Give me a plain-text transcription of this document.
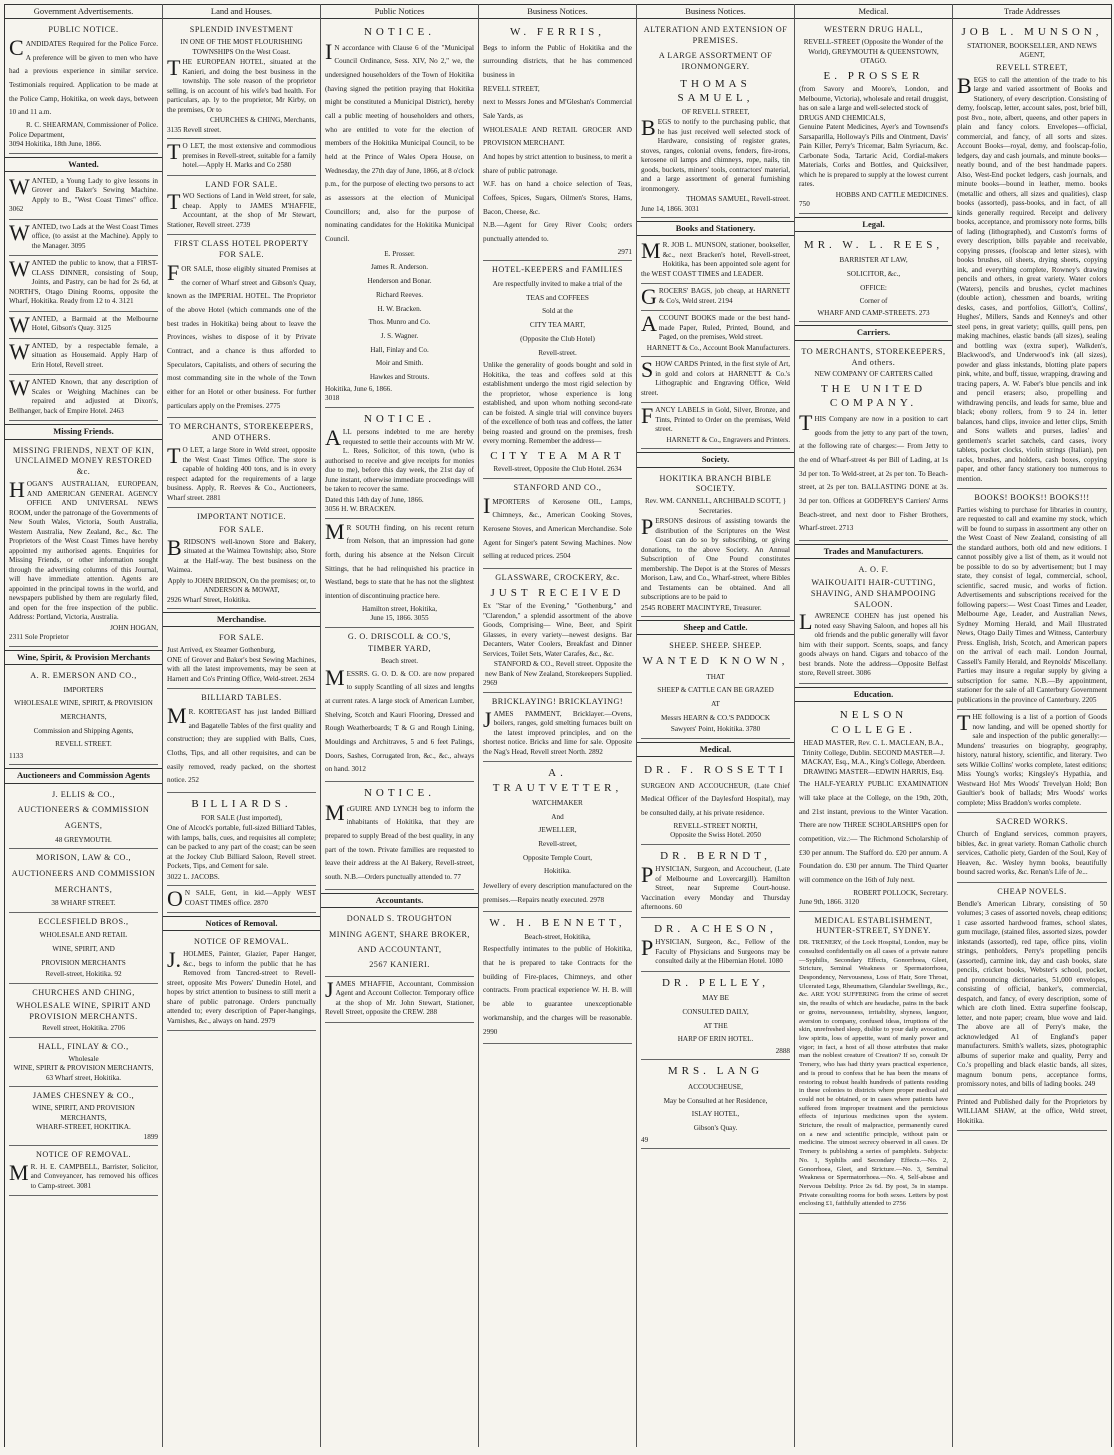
Government Advertisements.
PUBLIC NOTICE.

CANDIDATES Required for the Police Force. A preference will be given to men who have had a previous experience in similar service. Testimonials required. Application to be made at the Police Camp, Hokitika, on week days, between 10 and 11 a.m.

R. C. SHEARMAN, Commissioner of Police.
Police Department,
3094 Hokitika, 18th June, 1866.
Wanted.

WANTED, a Young Lady to give lessons in Grover and Baker's Sewing Machine. Apply to B., "West Coast Times" office. 3062

WANTED, two Lads at the West Coast Times office, (to assist at the Machine). Apply to the Manager. 3095

WANTED the public to know, that a FIRST-CLASS DINNER, consisting of Soup, Joints, and Pastry, can be had for 2s 6d, at NORTH'S, Otago Dining Rooms, opposite the Wharf, Hokitika. Ready from 12 to 4. 3121

WANTED, a Barmaid at the Melbourne Hotel, Gibson's Quay. 3125

WANTED, by a respectable female, a situation as Housemaid. Apply Harp of Erin Hotel, Revell street.

WANTED Known, that any description of Scales or Weighing Machines can be repaired and adjusted at Dixon's, Bellhanger, back of Empire Hotel. 2463

Missing Friends.
MISSING FRIENDS, NEXT OF KIN, UNCLAIMED MONEY RESTORED &c.

HOGAN'S AUSTRALIAN, EUROPEAN, AND AMERICAN GENERAL AGENCY OFFICE AND UNIVERSAL NEWS ROOM, under the patronage of the Governments of New South Wales, Victoria, South Australia, Western Australia, New Zealand, &c., &c. The Proprietors of the West Coast Times have hereby appointed my authorised agents. Enquiries for Missing Friends, or other information sought through the advertising columns of this Journal, will have immediate attention. Agents are appointed in the principal towns in the world, and newspapers published by them are regularly filed, and open for the free inspection of the public. Address: Portland, Victoria, Australia.

JOHN HOGAN,
2311 Sole Proprietor
Wine, Spirit, & Provision Merchants
A. R. EMERSON AND CO.,
IMPORTERS
WHOLESALE WINE, SPIRIT, & PROVISION MERCHANTS,
Commission and Shipping Agents,
REVELL STREET.
1133
Auctioneers and Commission Agents
J. ELLIS & CO.,
AUCTIONEERS & COMMISSION AGENTS,
48 GREYMOUTH.
MORISON, LAW & CO.,
AUCTIONEERS AND COMMISSION MERCHANTS,
38 WHARF STREET.
ECCLESFIELD BROS.,
WHOLESALE AND RETAIL
WINE, SPIRIT, AND
PROVISION MERCHANTS
Revell-street, Hokitika. 92
CHURCHES AND CHING,
WHOLESALE WINE, SPIRIT AND PROVISION MERCHANTS.
Revell street, Hokitika. 2706
HALL, FINLAY & CO.,
Wholesale
WINE, SPIRIT & PROVISION MERCHANTS,
63 Wharf street, Hokitika.
JAMES CHESNEY & CO.,
WINE, SPIRIT, AND PROVISION MERCHANTS,
WHARF-STREET, HOKITIKA.
1899
NOTICE OF REMOVAL.

MR. H. E. CAMPBELL, Barrister, Solicitor, and Conveyancer, has removed his offices to Camp-street. 3081

Land and Houses.
SPLENDID INVESTMENT
IN ONE OF THE MOST FLOURISHING TOWNSHIPS On the West Coast.

THE EUROPEAN HOTEL, situated at the Kanieri, and doing the best business in the township. The sole reason of the proprietor selling, is on account of his wife's bad health. For particulars, ap. ly to the proprietor, Mr Kirby, on the premises, Or to

CHURCHES & CHING, Merchants,
3135 Revell street.

TO LET, the most extensive and commodious premises in Revell-street, suitable for a family hotel.—Apply H. Marks and Co 2580

LAND FOR SALE.

TWO Sections of Land in Weld street, for sale, cheap. Apply to JAMES M'HAFFIE, Accountant, at the shop of Mr Stewart, Stationer, Revell street. 2739

FIRST CLASS HOTEL PROPERTY FOR SALE.

FOR SALE, those eligibly situated Premises at the corner of Wharf street and Gibson's Quay, known as the IMPERIAL HOTEL. The Proprietor of the above Hotel (which commands one of the best trades in Hokitika) being about to leave the Provinces, wishes to dispose of it by Private Contract, and a chance is thus afforded to Speculators, Capitalists, and others of securing the most commanding site in the whole of the Town either for an Hotel or other business. For further particulars apply on the Premises. 2775

TO MERCHANTS, STOREKEEPERS, AND OTHERS.

TO LET, a large Store in Weld street, opposite the West Coast Times Office. The store is capable of holding 400 tons, and is in every respect adapted for the requirements of a large business. Apply, R. Reeves & Co., Auctioneers, Wharf street. 2881

IMPORTANT NOTICE.
FOR SALE.

BRIDSON'S well-known Store and Bakery, situated at the Waimea Township; also, Store at the Half-way. The best business on the Waimea.

Apply to JOHN BRIDSON, On the premises; or, to
ANDERSON & MOWAT,
2926 Wharf Street, Hokitika.
Merchandise.
FOR SALE.

Just Arrived, ex Steamer Gothenburg,
ONE of Grover and Baker's best Sewing Machines, with all the latest improvements, may be seen at Harnett and Co's Printing Office, Weld-street. 2634

BILLIARD TABLES.

MR. KORTEGAST has just landed Billiard and Bagatelle Tables of the first quality and construction; they are supplied with Balls, Cues, Cloths, Tips, and all other requisites, and can be easily removed, ready packed, on the shortest notice. 252

BILLIARDS.
FOR SALE (Just imported),

One of Alcock's portable, full-sized Billiard Tables, with lamps, balls, cues, and requisites all complete; can be packed to any part of the coast; can be seen at the Jockey Club Billiard Saloon, Revell street. Pockets, Tips, and Cement for sale.

3022 L. JACOBS.

ON SALE, Gent, in kid.—Apply WEST COAST TIMES office. 2870

Notices of Removal.
NOTICE OF REMOVAL.

J.HOLMES, Painter, Glazier, Paper Hanger, &c., begs to inform the public that he has Removed from Tancred-street to Revell-street, opposite Mrs Powers' Dunedin Hotel, and hopes by strict attention to business to still merit a share of public patronage. Orders punctually attended to; every description of Paper-hangings, Varnishes, &c., always on hand. 2979

Public Notices
NOTICE.

IN accordance with Clause 6 of the "Municipal Council Ordinance, Sess. XIV, No 2," we, the undersigned householders of the Town of Hokitika (having signed the petition praying that Hokitika might be constituted a Municipal District), hereby call a public meeting of householders and others, who are entitled to vote for the election of members of the Hokitika Municipal Council, to be held at the Prince of Wales Opera House, on Wednesday, the 27th day of June, 1866, at 8 o'clock p.m., for the purpose of electing two persons to act as assessors at the election of Municipal Councillors; and, also for the purpose of nominating candidates for the Hokitika Municipal Council.

E. Prosser.
James R. Anderson.
Henderson and Bonar.
Richard Reeves.
H. W. Bracken.
Thos. Munro and Co.
J. S. Wagner.
Hall, Finlay and Co.
Moir and Smith.
Hawkes and Strouts.
Hokitika, June 6, 1866.
3018
NOTICE.

ALL persons indebted to me are hereby requested to settle their accounts with Mr W. L. Rees, Solicitor, of this town, (who is authorised to receive and give receipts for monies due to me), before this day week, the 21st day of June instant, otherwise immediate proceedings will be taken to recover the same.

Dated this 14th day of June, 1866.
3056 H. W. BRACKEN.

MR SOUTH finding, on his recent return from Nelson, that an impression had gone forth, during his absence at the Nelson Circuit Sittings, that he had relinquished his practice in Westland, begs to state that he has not the slightest intention of discontinuing practice here.

Hamilton street, Hokitika,
June 15, 1866. 3055
G. O. DRISCOLL & CO.'S,
TIMBER YARD,
Beach street.

MESSRS. G. O. D. & CO. are now prepared to supply Scantling of all sizes and lengths at current rates. A large stock of American Lumber, Shelving, Scotch and Kauri Flooring, Dressed and Rough Weatherboards; T & G and Rough Lining, Mouldings and Architraves, 5 and 6 feet Palings, Doors, Sashes, Corrugated Iron, &c., &c., always on hand. 3012

NOTICE.

McGUIRE AND LYNCH beg to inform the inhabitants of Hokitika, that they are prepared to supply Bread of the best quality, in any part of the town. Private families are requested to leave their address at the Al Bakery, Revell-street, south. N.B.—Orders punctually attended to. 77

Accountants.
DONALD S. TROUGHTON
MINING AGENT, SHARE BROKER, AND ACCOUNTANT,
2567 KANIERI.

JAMES M'HAFFIE, Accountant, Commission Agent and Account Collector. Temporary office at the shop of Mr. John Stewart, Stationer, Revell Street, opposite the CREW. 288

Business Notices.
W. FERRIS,

Begs to inform the Public of Hokitika and the surrounding districts, that he has commenced business in
REVELL STREET,
next to Messrs Jones and M'Gleshan's Commercial Sale Yards, as
WHOLESALE AND RETAIL GROCER AND PROVISION MERCHANT.
And hopes by strict attention to business, to merit a share of public patronage.
W.F. has on hand a choice selection of Teas, Coffees, Spices, Sugars, Oilmen's Stores, Hams, Bacon, Cheese, &c.
N.B.—Agent for Grey River Cools; orders punctually attended to.

2971
HOTEL-KEEPERS and FAMILIES
Are respectfully invited to make a trial of the
TEAS and COFFEES
Sold at the
CITY TEA MART,
(Opposite the Club Hotel)
Revell-street.

Unlike the generality of goods bought and sold in Hokitika, the teas and coffees sold at this establishment undergo the most rigid selection by the proprietor, whose experience is long established, and upon whom nothing second-rate can be foisted. A single trial will convince buyers of the excellence of both teas and coffees, the latter being roasted and ground on the premises, fresh every morning. Remember the address—

CITY TEA MART
Revell-street, Opposite the Club Hotel. 2634
STANFORD AND CO.,

IMPORTERS of Kerosene OIL, Lamps, Chimneys, &c., American Cooking Stoves, Kerosene Stoves, and American Merchandise. Sole Agent for Singer's patent Sewing Machines. Now selling at reduced prices. 2504

GLASSWARE, CROCKERY, &c.
JUST RECEIVED

Ex "Star of the Evening," "Gothenburg," and "Clarendon," a splendid assortment of the above Goods, Comprising— Wine, Beer, and Spirit Glasses, in every variety—newest designs. Bar Decanters, Water Coolers, Breakfast and Dinner Services, Toilet Sets, Water Carafes, &c., &c.

STANFORD & CO., Revell street. Opposite the new Bank of New Zealand, Storekeepers Supplied.
2969
BRICKLAYING! BRICKLAYING!

JAMES PAMMENT, Bricklayer.—Ovens, boilers, ranges, gold smelting furnaces built on the latest improved principles, and on the shortest notice. Bricks and lime for sale. Opposite the Nag's Head, Revell street North. 2892

A. TRAUTVETTER,
WATCHMAKER
And
JEWELLER,
Revell-street,
Opposite Temple Court,
Hokitika.

Jewellery of every description manufactured on the premises.—Repairs neatly executed. 2978

W. H. BENNETT,
Beach-street, Hokitika,

Respectfully intimates to the public of Hokitika, that he is prepared to take Contracts for the building of Fire-places, Chimneys, and other contracts. From practical experience W. H. B. will be able to guarantee unexceptionable workmanship, and the charges will be reasonable. 2990

Business Notices.
ALTERATION AND EXTENSION OF PREMISES.
A LARGE ASSORTMENT OF IRONMONGERY.
THOMAS SAMUEL,
OF REVELL STREET,

BEGS to notify to the purchasing public, that he has just received well selected stock of Hardware, consisting of register grates, stoves, ranges, colonial ovens, fenders, fire-irons, kerosene oil lamps and chimneys, rope, nails, tin goods, buckets, miners' tools, contractors' material, and a large assortment of general furnishing ironmongery.

THOMAS SAMUEL, Revell-street.
June 14, 1866. 3031
Books and Stationery.

MR. JOB L. MUNSON, stationer, bookseller, &c., next Bracken's hotel, Revell-street, Hokitika, has been appointed sole agent for the WEST COAST TIMES and LEADER.

GROCERS' BAGS, job cheap, at HARNETT & Co's, Weld street. 2194

ACCOUNT BOOKS made or the best hand-made Paper, Ruled, Printed, Bound, and Paged, on the premises, Weld street.

HARNETT & Co., Account Book Manufacturers.

SHOW CARDS Printed, in the first style of Art, in gold and colors at HARNETT & Co.'s Lithographic and Engraving Office, Weld street.

FANCY LABELS in Gold, Silver, Bronze, and Tints, Printed to Order on the premises, Weld street.

HARNETT & Co., Engravers and Printers.
Society.
HOKITIKA BRANCH BIBLE SOCIETY.
Rev. WM. CANNELL, ARCHIBALD SCOTT, } Secretaries.

PERSONS desirous of assisting towards the distribution of the Scriptures on the West Coast can do so by subscribing, or giving donations, to the above Society. An Annual Subscription of One Pound constitutes membership. The Depot is at the Stores of Messrs Morison, Law, and Co., Wharf-street, where Bibles and Testaments can be obtained. And all subscriptions are to be paid to

2545 ROBERT MACINTYRE, Treasurer.
Sheep and Cattle.
SHEEP. SHEEP. SHEEP.
WANTED KNOWN,
THAT
SHEEP & CATTLE CAN BE GRAZED
AT
Messrs HEARN & CO.'S PADDOCK
Sawyers' Point, Hokitika. 3780
Medical.
DR. F. ROSSETTI

SURGEON AND ACCOUCHEUR, (Late Chief Medical Officer of the Daylesford Hospital), may be consulted daily, at his private residence.

REVELL-STREET NORTH,
Opposite the Swiss Hotel. 2050
DR. BERNDT,

PHYSICIAN, Surgeon, and Accoucheur, (Late of Melbourne and Lovercargill). Hamilton Street, near Supreme Court-house. Vaccination every Monday and Thursday afternoons. 60

DR. ACHESON,

PHYSICIAN, Surgeon, &c., Fellow of the Faculty of Physicians and Surgeons may be consulted daily at the Hibernian Hotel. 1080

DR. PELLEY,
MAY BE
CONSULTED DAILY,
AT THE
HARP OF ERIN HOTEL.
2888
MRS. LANG
ACCOUCHEUSE,
May be Consulted at her Residence,
ISLAY HOTEL,
Gibson's Quay.
49
Medical.
WESTERN DRUG HALL,
REVELL-STREET (Opposite the Wonder of the World), GREYMOUTH & QUEENSTOWN, OTAGO.
E. PROSSER

(from Savory and Moore's, London, and Melbourne, Victoria), wholesale and retail druggist, has on sale a large and well-selected stock of
DRUGS AND CHEMICALS,
Genuine Patent Medicines, Ayer's and Townsend's Sarsaparilla, Holloway's Pills and Ointment, Davis' Pain Killer, Perry's Tricemar, Balm Syriacum, &c. Carbonate Soda, Tartaric Acid, Cordial-makers Materials, Corks and Bottles, and Quicksilver, which he is prepared to supply at the lowest current rates.

HOBBS AND CATTLE MEDICINES.
750
Legal.
MR. W. L. REES,
BARRISTER AT LAW,
SOLICITOR, &c.,
OFFICE:
Corner of
WHARF AND CAMP-STREETS. 273
Carriers.
TO MERCHANTS, STOREKEEPERS, And others.
NEW COMPANY OF CARTERS Called
THE UNITED COMPANY.

THIS Company are now in a position to cart goods from the jetty to any part of the town, at the following rate of charges:— From Jetty to the end of Wharf-street 4s per Bill of Lading, at 1s 3d per ton. To Weld-street, at 2s per ton. To Beach-street, at 2s per ton. BALLASTING DONE at 3s. 3d per ton. Offices at GODFREY'S Carriers' Arms Beach-street, and next door to Fisher Brothers, Wharf-street. 2713

Trades and Manufacturers.
A. O. F.
WAIKOUAITI HAIR-CUTTING, SHAVING, AND SHAMPOOING SALOON.

LAWRENCE COHEN has just opened his noted easy Shaving Saloon, and hopes all his old friends and the public generally will favor him with their support. Scents, soaps, and fancy goods always on hand. Cigars and tobacco of the best brands. Note the address—Opposite Belfast store, Revell street. 3086

Education.
NELSON COLLEGE.
HEAD MASTER, Rev. C. L. MACLEAN, B.A., Trinity College, Dublin. SECOND MASTER—J. MACKAY, Esq., M.A., King's College, Aberdeen. DRAWING MASTER—EDWIN HARRIS, Esq.

The HALF-YEARLY PUBLIC EXAMINATION will take place at the College, on the 19th, 20th, and 21st instant, previous to the Winter Vacation. There are now THREE SCHOLARSHIPS open for competition, viz.:— The Richmond Scholarship of £30 per annum. The Stafford do. £20 per annum. A Foundation do. £30 per annum. The Third Quarter will commence on the 16th of July next.

ROBERT POLLOCK, Secretary.
June 9th, 1866. 3120
MEDICAL ESTABLISHMENT, HUNTER-STREET, SYDNEY.

DR. TRENERY, of the Lock Hospital, London, may be consulted confidentially on all cases of a private nature—Syphilis, Secondary Effects, Gonorrhoea, Gleet, Stricture, Seminal Weakness or Spermatorrhoea, Despondency, Nervousness, Loss of Hair, Sore Throat, Ulcerated Legs, Rheumatism, Glandular Swellings, &c., &c. ARE YOU SUFFERING from the crime of secret sin, the results of which are headache, pains in the back or groins, nervousness, irritability, shyness, languor, aversion to company, confused ideas, irruptions of the skin, unrefreshed sleep, dislike to your daily avocation, low spirits, loss of appetite, want of manly power and vigor; in fact, a host of all those attributes that make man the noblest creature of Creation? If so, consult Dr Trenery, who has had thirty years practical experience, and is proud to confess that he has been the means of restoring to robust health hundreds of patients residing in these colonies to districts where proper medical aid could not be obtained, or in cases where patients have suffered from improper treatment and the pernicious effects of injurious medicines upon the system. Stricture, the result of malpractice, permanently cured on a new and scientific principle, without pain or medicine. The utmost secrecy observed in all cases. Dr Trenery is publishing a series of pamphlets. Subjects: No. 1, Syphilis and Secondary Effects.—No. 2, Gonorrhoea, Gleet, and Stricture.—No. 3, Seminal Weakness or Spermatorrhoea.—No. 4, Self-abuse and Nervous Debility. Price 2s 6d. By post, 3s in stamps. Private consulting rooms for both sexes. Letters by post enclosing £1, faithfully attended to 2756

Trade Addresses
JOB L. MUNSON,
STATIONER, BOOKSELLER, AND NEWS AGENT,
REVELL STREET,

BEGS to call the attention of the trade to his large and varied assortment of Books and Stationery, of every description. Consisting of demy, foolscap, letter, account sales, post, brief bill, post 8vo., note, albert, queens, and other papers in plain and fancy colors. Envelopes—official, commercial, and fancy, of all sorts and sizes. Account Books—royal, demy, and foolscap-folio, ledgers, day and cash journals, and minute books—neatly bound, and of the best handmade papers. Also, West-End pocket ledgers, cash journals, and minute books—bound in leather, memo. books (metallic and others, all sizes and qualities), clasp books (assorted), pass-books, and in fact, of all kinds generally required. Receipt and delivery books, acceptance, and promissory note forms, bills of lading (lithographed), and Custom's forms of every description, bills payable and receivable, copying presses, (foolscap and letter sizes), with books brushes, oil sheets, drying sheets, copying ink, and everything complete, Rowney's drawing pencils and others, in great variety. Water colors (Waters), pencils and brushes, cyclet machines (double action), chessmen and boards, writing desks, cases, and portfolios, Gillott's, Collins', Hughes', Millers, Sands and Kenney's and other steel pens, in great variety; quills, quill pens, pen making machines, elastic bands (all sizes), sealing and bottling wax (extra super), Walkden's, Blackwood's, and Underwood's ink (all sizes), powder and glass inkstands, blotting plate papers pink, white, and buff, tissue, wrapping, drawing and tracing papers, A. W. Faber's blue pencils and ink and pencil erasers; also, propelling and withdrawing pencils, and leads for same, blue and black; ebony rollers, from 9 to 24 in. letter balances, hand clips, invoice and letter clips, Smith and Sons wallets and purses, ladies' and gentlemen's scarlet satchels, card cases, ivory tablets, pocket clocks, violin strings (Italian), pen racks, brushes, and holders, cash boxes, copying paper, and other fancy stationery too numerous to mention.

BOOKS! BOOKS!! BOOKS!!!

Parties wishing to purchase for libraries in country, are requested to call and examine my stock, which will be found to surpass in assortment any other on the West Coast of New Zealand, consisting of all the standard authors, both old and new editions. I cannot possibly give a list of them, as it would not be possible to do so by advertisement; but I may state, they consist of legal, commercial, school, scientific, sacred music, and works of fiction. Advertisements and subscriptions received for the following papers:— West Coast Times and Leader, Melbourne Age, Leader, and Australian News, Sydney Morning Herald, and Mail Illustrated News, Otago Daily Times and Witness, Canterbury Press. English, Irish, Scotch, and American papers on the arrival of each mail. London Journal, Cassell's Family Herald, and Reynolds' Miscellany. Parties may insure a regular supply by giving a subscription for same. N.B.—By appointment, stationer for the sale of all Canterbury Government publications in the province of Canterbury. 2205

THE following is a list of a portion of Goods now landing, and will be opened shortly for sale and inspection of the public generally:— Mundens' treasuries on biography, geography, history, natural history, scientific, and literary. Two sets Wilkie Collins' works complete, latest editions; Miss Young's works; Kingsley's Hypathia, and Westward Ho! Mrs Woods' Trevelyan Hold; Bon Gaultier's book of ballads; Mrs Woods' works complete; Miss Braddon's works complete.

SACRED WORKS.

Church of England services, common prayers, bibles, &c. in great variety. Roman Catholic church services, Catholic piety, Garden of the Soul, Key of Heaven, &c. Wesley hymn books, beautifully bound sacred works, &c. Renan's Life of Je...

CHEAP NOVELS.

Bendle's American Library, consisting of 50 volumes; 3 cases of assorted novels, cheap editions; 1 case assorted hardwood frames, school slates, gum mucilage, (stained files, assorted sizes, powder inkstands (assorted), red tape, office pins, violin strings, penholders, Perry's propelling pencils (assorted), carmine ink, day and cash books, slate pencils, cricket books, Webster's school, pocket, and pronouncing dictionaries, 51,000 envelopes, consisting of official, banker's, commercial, despatch, and fancy, of every description, some of which are cloth lined. Extra superfine foolscap, letter, and note paper; cream, blue wove and laid. The above are all of Perry's make, the acknowledged A1 of England's paper manufacturers. Smith's wallets, sizes, photographic albums of superior make and quality, Perry and Co.'s propelling and black elastic bands, all sizes, magnum bonum pens, acceptance forms, promissory notes, and bills of lading books. 249

Printed and Published daily for the Proprietors by WILLIAM SHAW, at the office, Weld street, Hokitika.
